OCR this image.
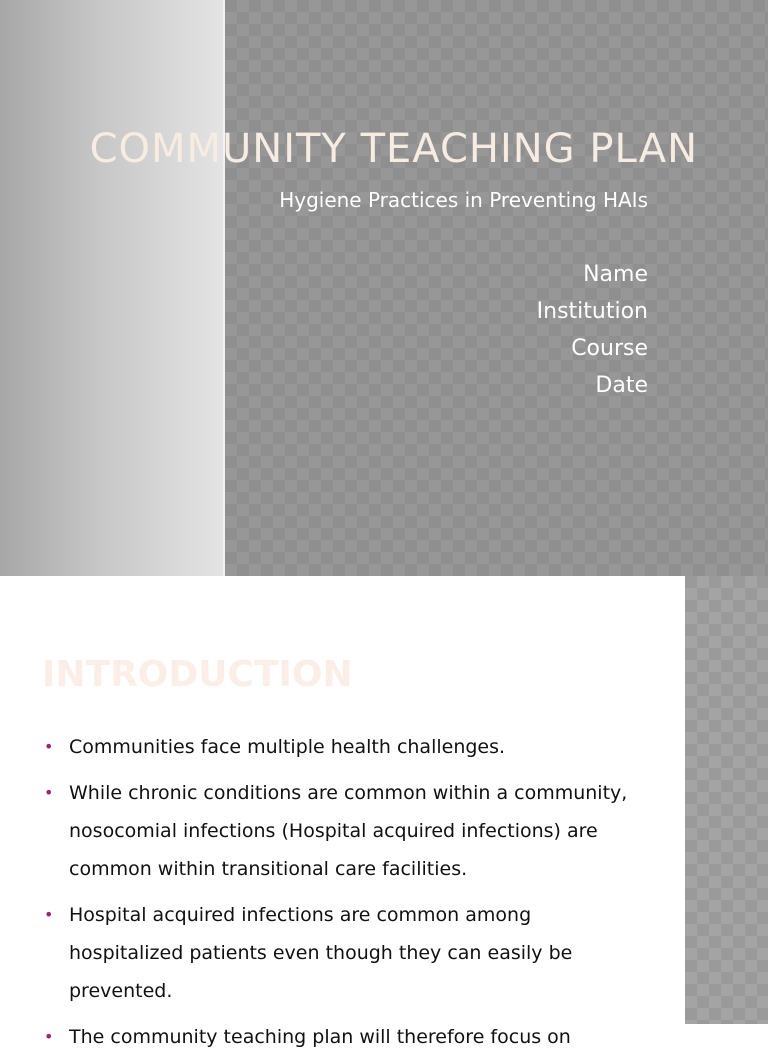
COMMUNITY TEACHING PLAN

Hygiene Practices in Preventing HAIs

Name
Institution
Course
Date
INTRODUCTION
• Communities face multiple health challenges.
• While chronic conditions are common within a community, nosocomial infections (Hospital acquired infections) are common within transitional care facilities.
• Hospital acquired infections are common among hospitalized patients even though they can easily be prevented.
• The community teaching plan will therefore focus on
